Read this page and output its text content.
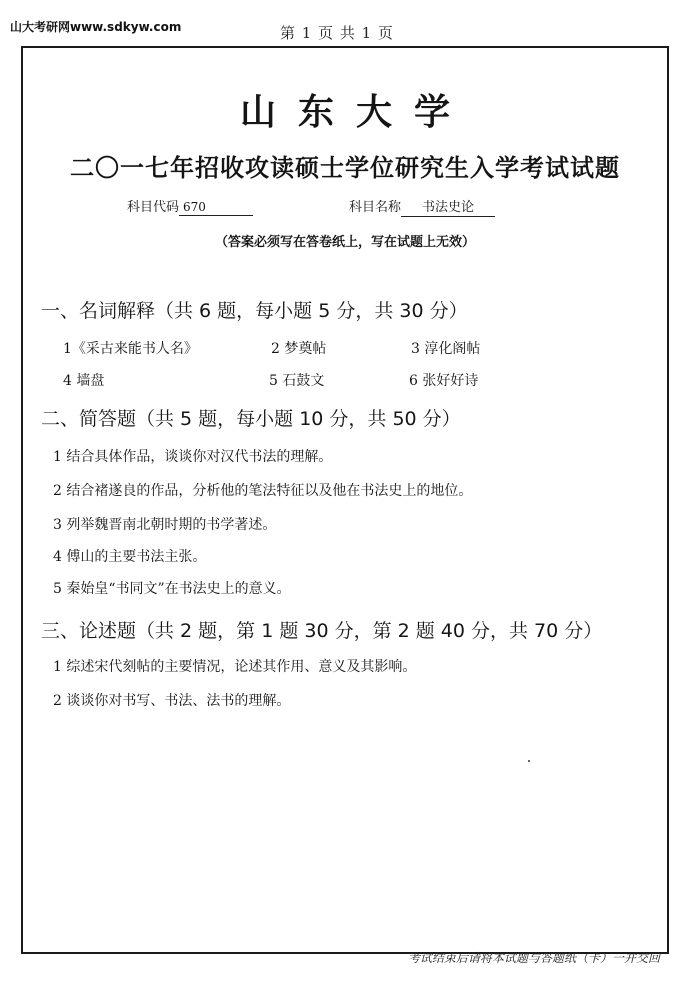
山大考研网www.sdkyw.com	第 1 页 共 1 页
山东大学
二〇一七年招收攻读硕士学位研究生入学考试试题
科目代码 670	科目名称 书法史论
（答案必须写在答卷纸上，写在试题上无效）
一、名词解释（共 6 题，每小题 5 分，共 30 分）
1《采古来能书人名》	2 梦奠帖	3 淳化阁帖
4 墙盘	5 石鼓文	6 张好好诗
二、简答题（共 5 题，每小题 10 分，共 50 分）
1 结合具体作品，谈谈你对汉代书法的理解。
2 结合褚遂良的作品，分析他的笔法特征以及他在书法史上的地位。
3 列举魏晋南北朝时期的书学著述。
4 傅山的主要书法主张。
5 秦始皇“书同文”在书法史上的意义。
三、论述题（共 2 题，第 1 题 30 分，第 2 题 40 分，共 70 分）
1 综述宋代刻帖的主要情况，论述其作用、意义及其影响。
2 谈谈你对书写、书法、法书的理解。
考试结束后请将本试题与答题纸（卡）一并交回
